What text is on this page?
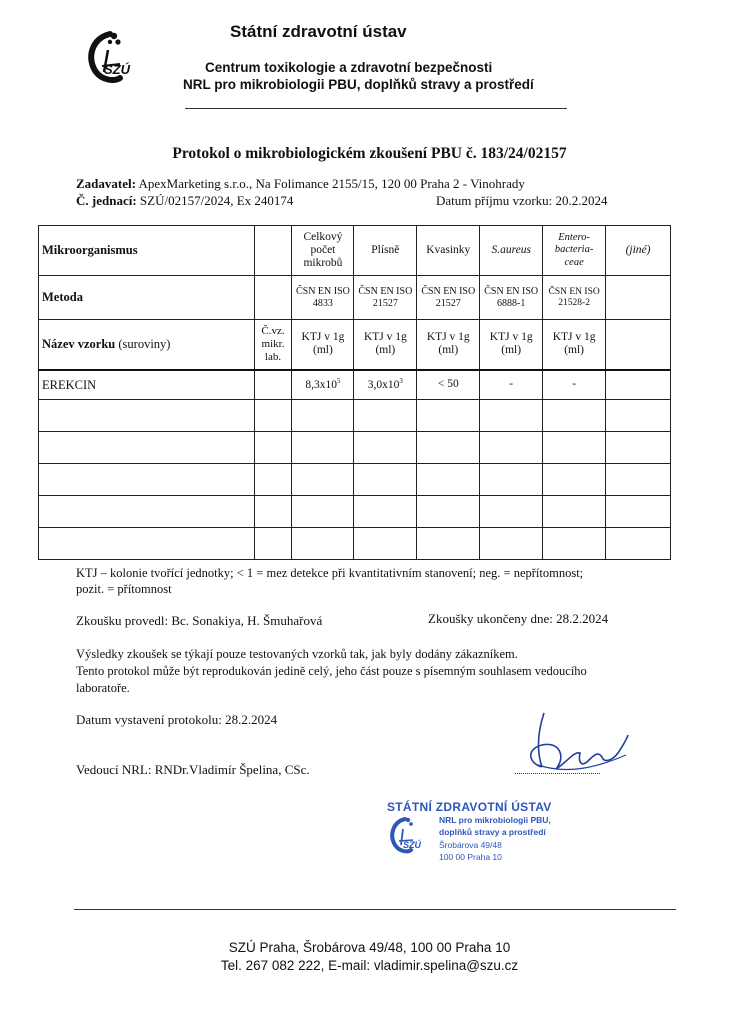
SZÚ
Státní zdravotní ústav
Centrum toxikologie a zdravotní bezpečnosti
NRL pro mikrobiologii PBU, doplňků stravy a prostředí
Protokol o mikrobiologickém zkoušení PBU č. 183/24/02157
Zadavatel: ApexMarketing s.r.o., Na Folimance 2155/15, 120 00 Praha 2 - Vinohrady
Č. jednací: SZÚ/02157/2024, Ex 240174	Datum příjmu vzorku: 20.2.2024
Mikroorganismus		Celkový počet mikrobů	Plísně	Kvasinky	S.aureus	Entero-bacteria-ceae	(jiné)
Metoda		ČSN EN ISO 4833	ČSN EN ISO 21527	ČSN EN ISO 21527	ČSN EN ISO 6888-1	ČSN EN ISO 21528-2	
Název vzorku (suroviny)	Č.vz. mikr. lab.	KTJ v 1g (ml)	KTJ v 1g (ml)	KTJ v 1g (ml)	KTJ v 1g (ml)	KTJ v 1g (ml)	
EREKCIN		$8,3x10^5$	$3,0x10^3$	< 50	-	-	

KTJ – kolonie tvořící jednotky; < 1 = mez detekce při kvantitativním stanovení; neg. = nepřítomnost;
pozit. = přítomnost
Zkoušku provedl: Bc. Sonakiya, H. Šmuhařová	Zkoušky ukončeny dne: 28.2.2024
Výsledky zkoušek se týkají pouze testovaných vzorků tak, jak byly dodány zákazníkem.
Tento protokol může být reprodukován jedině celý, jeho část pouze s písemným souhlasem vedoucího
laboratoře.
Datum vystavení protokolu: 28.2.2024
Vedoucí NRL: RNDr.Vladimír Špelina, CSc.
STÁTNÍ ZDRAVOTNÍ ÚSTAV
NRL pro mikrobiologii PBU,
doplňků stravy a prostředí
Šrobárova 49/48
100 00 Praha 10
SZÚ
SZÚ Praha, Šrobárova 49/48, 100 00 Praha 10
Tel. 267 082 222, E-mail: vladimir.spelina@szu.cz
